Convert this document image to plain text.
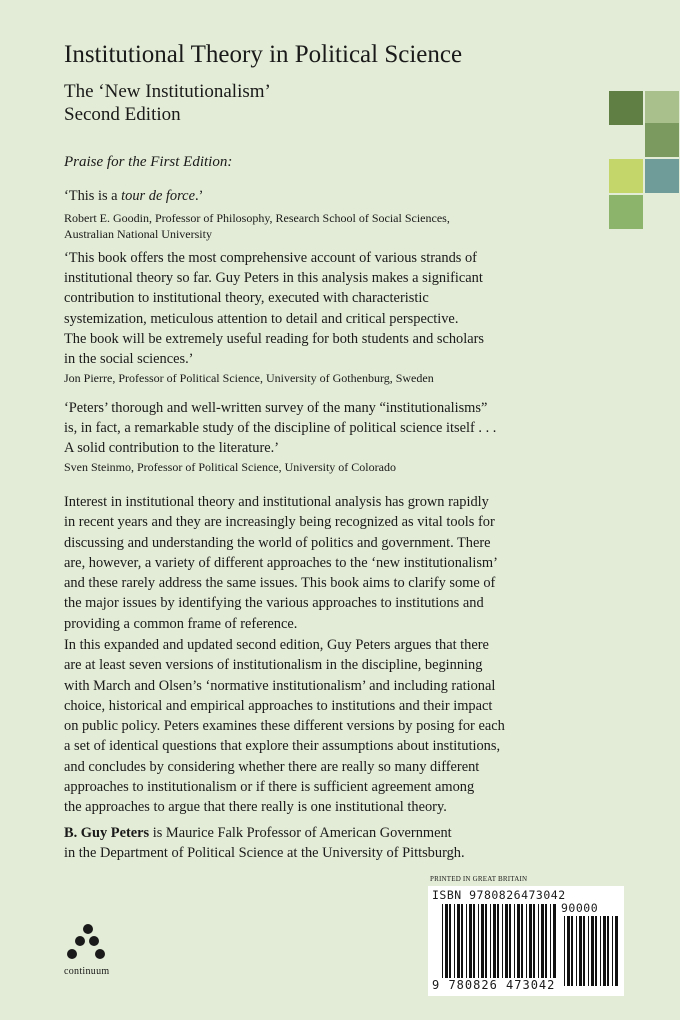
Institutional Theory in Political Science
The ‘New Institutionalism’
Second Edition
Praise for the First Edition:
‘This is a tour de force.’
Robert E. Goodin, Professor of Philosophy, Research School of Social Sciences,
Australian National University
‘This book offers the most comprehensive account of various strands of
institutional theory so far. Guy Peters in this analysis makes a significant
contribution to institutional theory, executed with characteristic
systemization, meticulous attention to detail and critical perspective.
The book will be extremely useful reading for both students and scholars
in the social sciences.’
Jon Pierre, Professor of Political Science, University of Gothenburg, Sweden
‘Peters’ thorough and well-written survey of the many “institutionalisms”
is, in fact, a remarkable study of the discipline of political science itself . . .
A solid contribution to the literature.’
Sven Steinmo, Professor of Political Science, University of Colorado
Interest in institutional theory and institutional analysis has grown rapidly
in recent years and they are increasingly being recognized as vital tools for
discussing and understanding the world of politics and government. There
are, however, a variety of different approaches to the ‘new institutionalism’
and these rarely address the same issues. This book aims to clarify some of
the major issues by identifying the various approaches to institutions and
providing a common frame of reference.
In this expanded and updated second edition, Guy Peters argues that there
are at least seven versions of institutionalism in the discipline, beginning
with March and Olsen’s ‘normative institutionalism’ and including rational
choice, historical and empirical approaches to institutions and their impact
on public policy. Peters examines these different versions by posing for each
a set of identical questions that explore their assumptions about institutions,
and concludes by considering whether there are really so many different
approaches to institutionalism or if there is sufficient agreement among
the approaches to argue that there really is one institutional theory.
B. Guy Peters is Maurice Falk Professor of American Government
in the Department of Political Science at the University of Pittsburgh.
continuum
PRINTED IN GREAT BRITAIN
ISBN 9780826473042
90000
9 780826 473042
